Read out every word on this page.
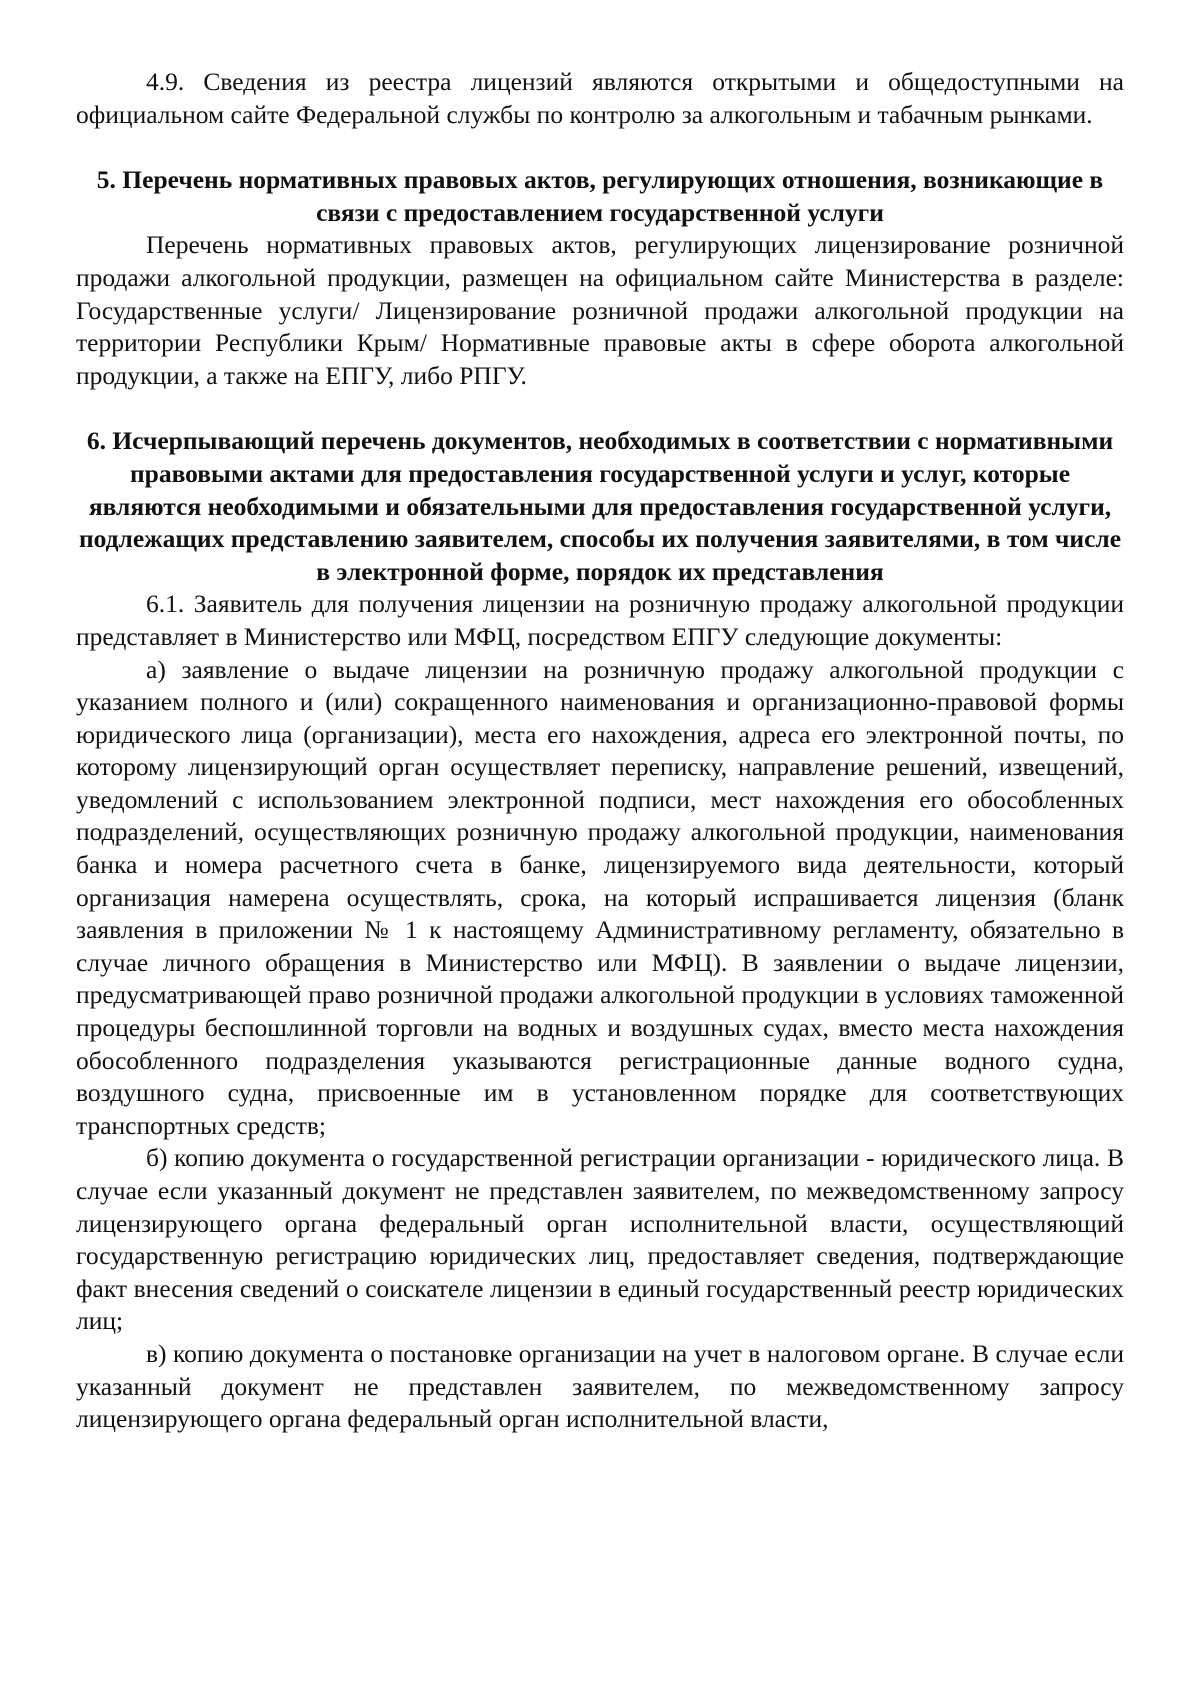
4.9. Сведения из реестра лицензий являются открытыми и общедоступными на официальном сайте Федеральной службы по контролю за алкогольным и табачным рынками.

5. Перечень нормативных правовых актов, регулирующих отношения, возникающие в связи с предоставлением государственной услуги

Перечень нормативных правовых актов, регулирующих лицензирование розничной продажи алкогольной продукции, размещен на официальном сайте Министерства в разделе: Государственные услуги/ Лицензирование розничной продажи алкогольной продукции на территории Республики Крым/ Нормативные правовые акты в сфере оборота алкогольной продукции, а также на ЕПГУ, либо РПГУ.

6. Исчерпывающий перечень документов, необходимых в соответствии с нормативными правовыми актами для предоставления государственной услуги и услуг, которые являются необходимыми и обязательными для предоставления государственной услуги, подлежащих представлению заявителем, способы их получения заявителями, в том числе в электронной форме, порядок их представления

6.1. Заявитель для получения лицензии на розничную продажу алкогольной продукции представляет в Министерство или МФЦ, посредством ЕПГУ следующие документы:

а) заявление о выдаче лицензии на розничную продажу алкогольной продукции с указанием полного и (или) сокращенного наименования и организационно-правовой формы юридического лица (организации), места его нахождения, адреса его электронной почты, по которому лицензирующий орган осуществляет переписку, направление решений, извещений, уведомлений с использованием электронной подписи, мест нахождения его обособленных подразделений, осуществляющих розничную продажу алкогольной продукции, наименования банка и номера расчетного счета в банке, лицензируемого вида деятельности, который организация намерена осуществлять, срока, на который испрашивается лицензия (бланк заявления в приложении № 1 к настоящему Административному регламенту, обязательно в случае личного обращения в Министерство или МФЦ). В заявлении о выдаче лицензии, предусматривающей право розничной продажи алкогольной продукции в условиях таможенной процедуры беспошлинной торговли на водных и воздушных судах, вместо места нахождения обособленного подразделения указываются регистрационные данные водного судна, воздушного судна, присвоенные им в установленном порядке для соответствующих транспортных средств;

б) копию документа о государственной регистрации организации - юридического лица. В случае если указанный документ не представлен заявителем, по межведомственному запросу лицензирующего органа федеральный орган исполнительной власти, осуществляющий государственную регистрацию юридических лиц, предоставляет сведения, подтверждающие факт внесения сведений о соискателе лицензии в единый государственный реестр юридических лиц;

в) копию документа о постановке организации на учет в налоговом органе. В случае если указанный документ не представлен заявителем, по межведомственному запросу лицензирующего органа федеральный орган исполнительной власти,
